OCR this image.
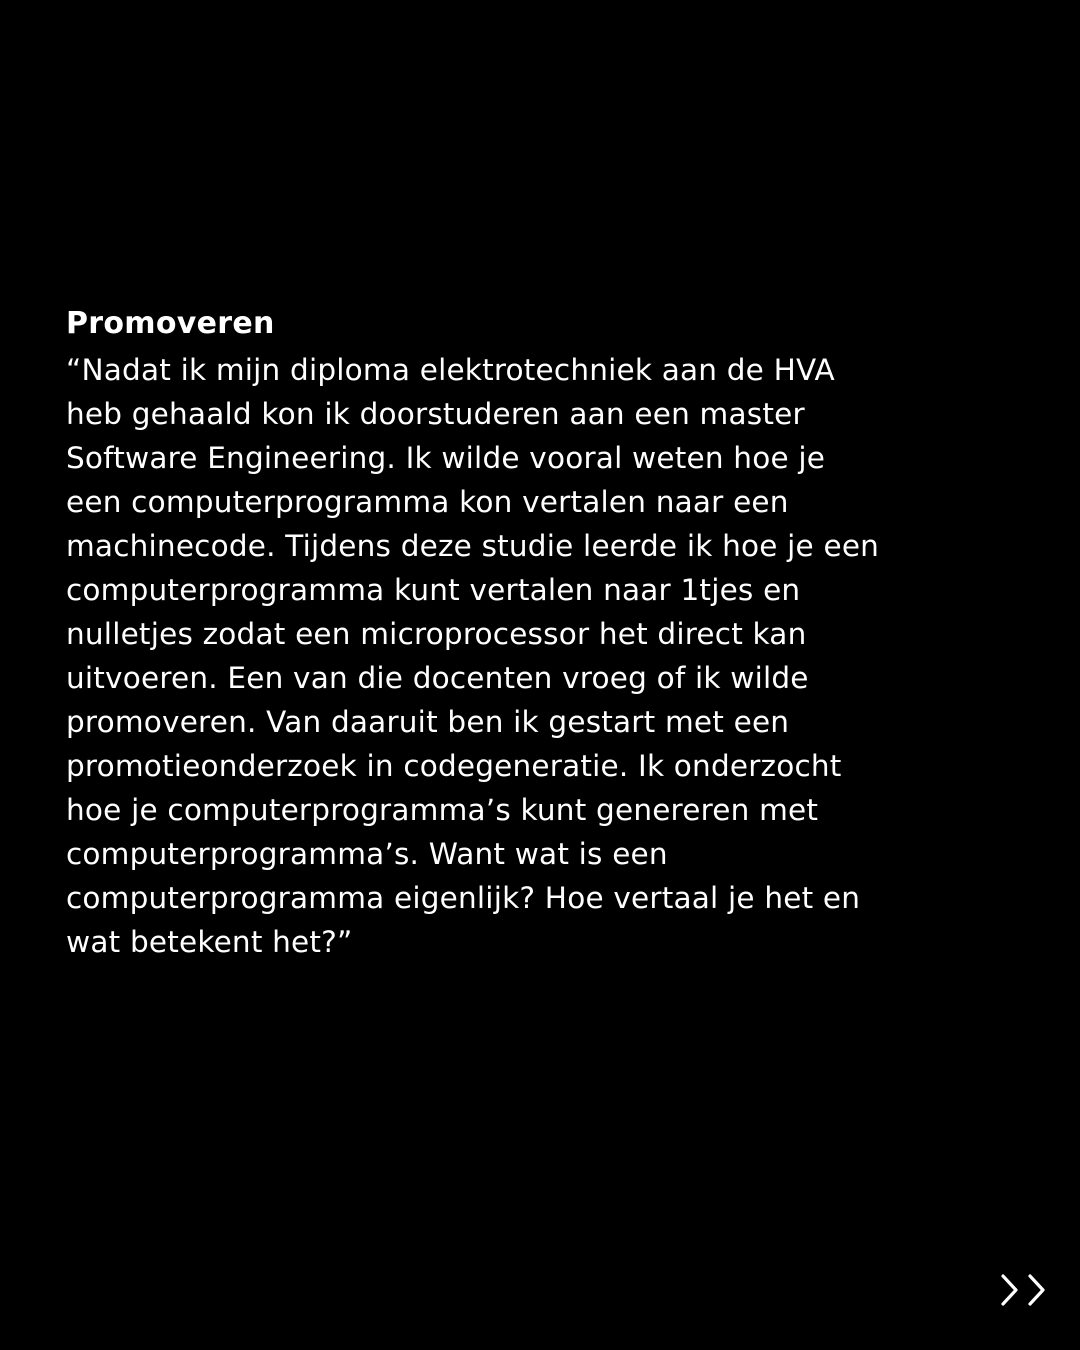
Promoveren
“Nadat ik mijn diploma elektrotechniek aan de HVA
heb gehaald kon ik doorstuderen aan een master
Software Engineering. Ik wilde vooral weten hoe je
een computerprogramma kon vertalen naar een
machinecode. Tijdens deze studie leerde ik hoe je een
computerprogramma kunt vertalen naar 1tjes en
nulletjes zodat een microprocessor het direct kan
uitvoeren. Een van die docenten vroeg of ik wilde
promoveren. Van daaruit ben ik gestart met een
promotieonderzoek in codegeneratie. Ik onderzocht
hoe je computerprogramma’s kunt genereren met
computerprogramma’s. Want wat is een
computerprogramma eigenlijk? Hoe vertaal je het en
wat betekent het?”
